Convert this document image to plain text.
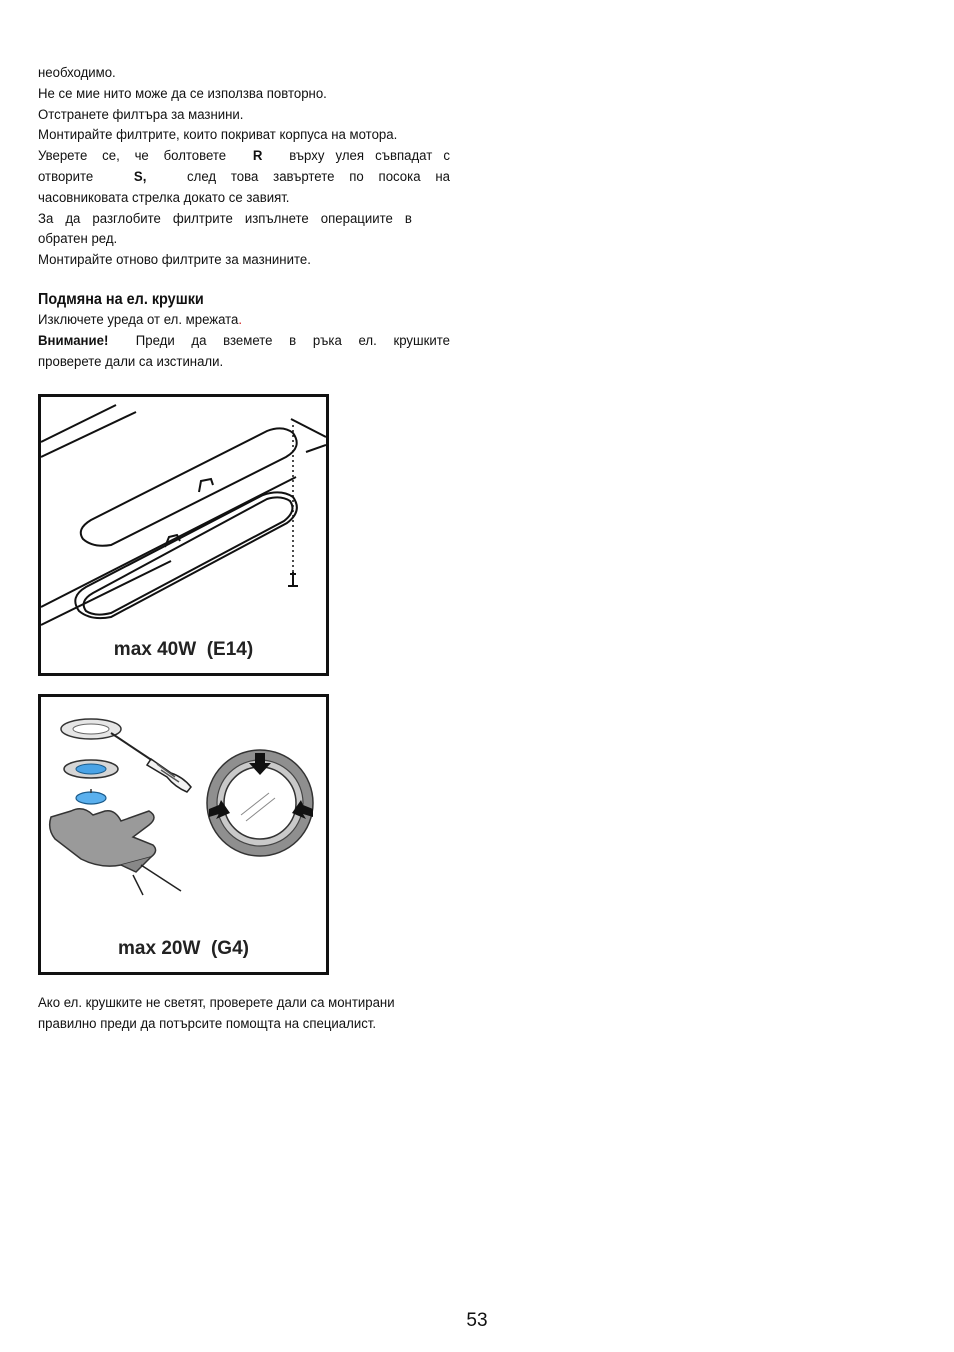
необходимо.

Не се мие нито може да се използва повторно.

Отстранете филтъра за мазнини.

Монтирайте филтрите, които покриват корпуса на мотора.

Уверете се, че болтовете R върху улея съвпадат с

отворите	S,	след това завъртете по посока на

часовниковата стрелка докато се завият.

За да разглобите филтрите изпълнете операциите в

обратен ред.

Монтирайте отново филтрите за мазнините.

Подмяна на ел. крушки

Изключете уреда от ел. мрежата.

Внимание! Преди да вземете в ръка ел. крушките

проверете дали са изстинали.

max 40W  (E14)
max 20W  (G4)

Ако ел. крушките не светят, проверете дали са монтирани

правилно преди да потърсите помощта на специалист.

53
